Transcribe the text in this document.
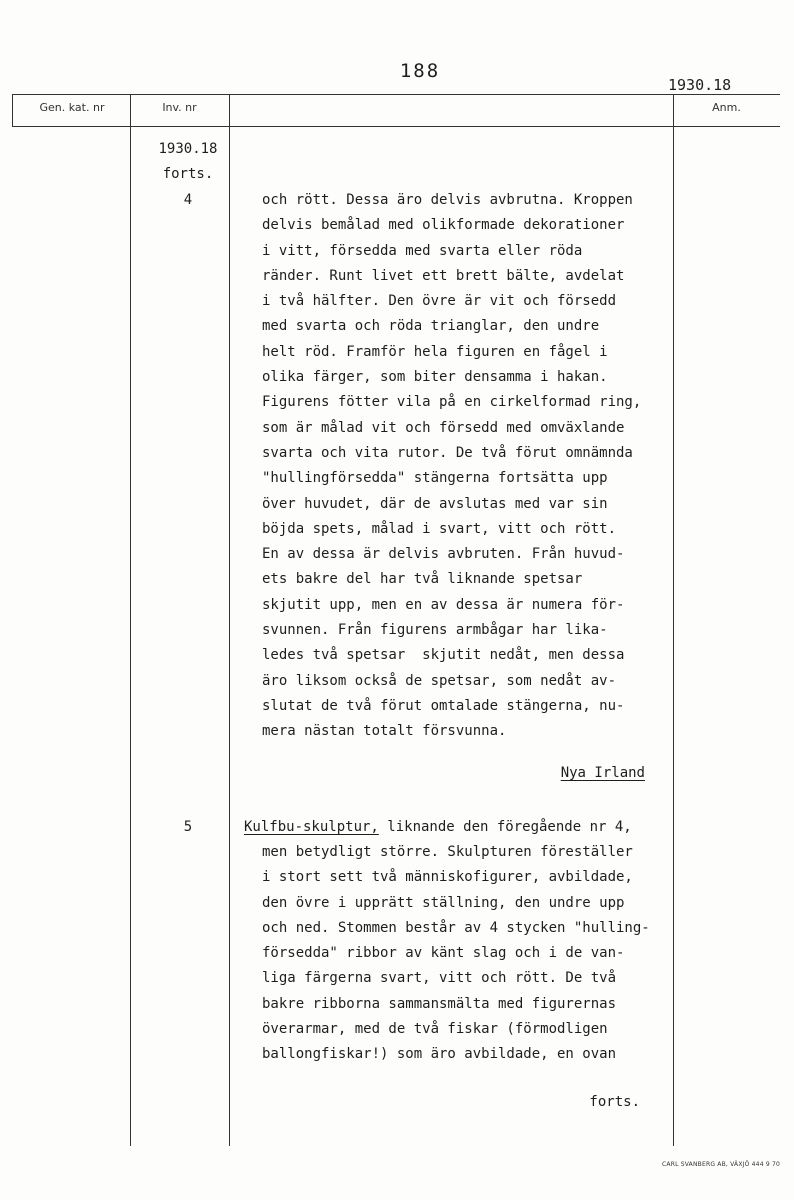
188
1930.18
Gen. kat. nr	Inv. nr	Anm.
1930.18
forts.
4
5
och rött. Dessa äro delvis avbrutna. Kroppen
delvis bemålad med olikformade dekorationer
i vitt, försedda med svarta eller röda
ränder. Runt livet ett brett bälte, avdelat
i två hälfter. Den övre är vit och försedd
med svarta och röda trianglar, den undre
helt röd. Framför hela figuren en fågel i
olika färger, som biter densamma i hakan.
Figurens fötter vila på en cirkelformad ring,
som är målad vit och försedd med omväxlande
svarta och vita rutor. De två förut omnämnda
"hullingförsedda" stängerna fortsätta upp
över huvudet, där de avslutas med var sin
böjda spets, målad i svart, vitt och rött.
En av dessa är delvis avbruten. Från huvud-
ets bakre del har två liknande spetsar
skjutit upp, men en av dessa är numera för-
svunnen. Från figurens armbågar har lika-
ledes två spetsar  skjutit nedåt, men dessa
äro liksom också de spetsar, som nedåt av-
slutat de två förut omtalade stängerna, nu-
mera nästan totalt försvunna.
Nya Irland
Kulfbu-skulptur, liknande den föregående nr 4,
men betydligt större. Skulpturen föreställer
i stort sett två människofigurer, avbildade,
den övre i upprätt ställning, den undre upp
och ned. Stommen består av 4 stycken "hulling-
försedda" ribbor av känt slag och i de van-
liga färgerna svart, vitt och rött. De två
bakre ribborna sammansmälta med figurernas
överarmar, med de två fiskar (förmodligen
ballongfiskar!) som äro avbildade, en ovan
forts.
CARL SVANBERG AB, VÄXJÖ 444 9 70
